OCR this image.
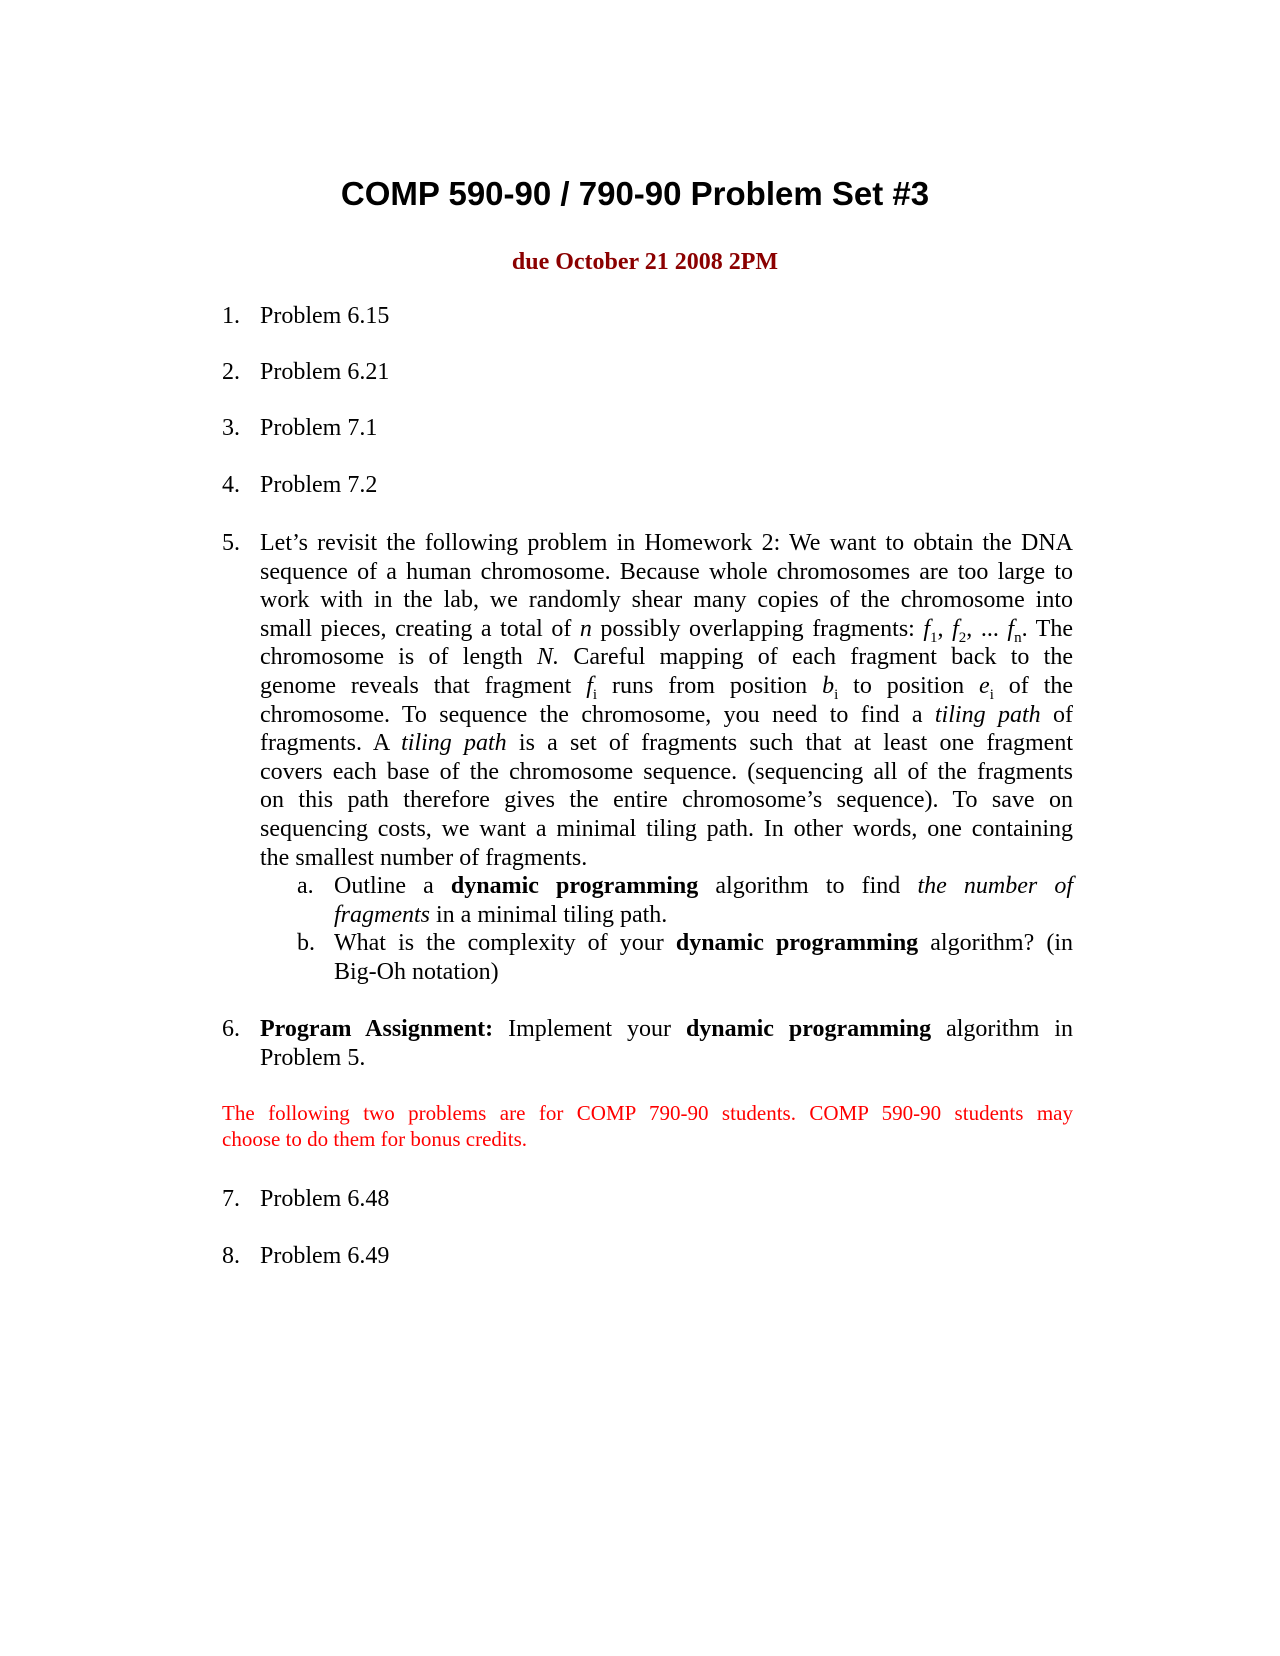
COMP 590-90 / 790-90 Problem Set #3
due October 21 2008 2PM
1. Problem 6.15
2. Problem 6.21
3. Problem 7.1
4. Problem 7.2
5. Let’s revisit the following problem in Homework 2: We want to obtain the DNA
sequence of a human chromosome. Because whole chromosomes are too large to
work with in the lab, we randomly shear many copies of the chromosome into
small pieces, creating a total of n possibly overlapping fragments: $f_1$, $f_2$, ... $f_n$. The
chromosome is of length N. Careful mapping of each fragment back to the
genome reveals that fragment $f_i$ runs from position $b_i$ to position $e_i$ of the
chromosome. To sequence the chromosome, you need to find a tiling path of
fragments. A tiling path is a set of fragments such that at least one fragment
covers each base of the chromosome sequence. (sequencing all of the fragments
on this path therefore gives the entire chromosome’s sequence). To save on
sequencing costs, we want a minimal tiling path. In other words, one containing
the smallest number of fragments.
a. Outline a dynamic programming algorithm to find the number of
fragments in a minimal tiling path.
b. What is the complexity of your dynamic programming algorithm? (in
Big-Oh notation)
6. Program Assignment: Implement your dynamic programming algorithm in
Problem 5.
The following two problems are for COMP 790-90 students. COMP 590-90 students may
choose to do them for bonus credits.
7. Problem 6.48
8. Problem 6.49
